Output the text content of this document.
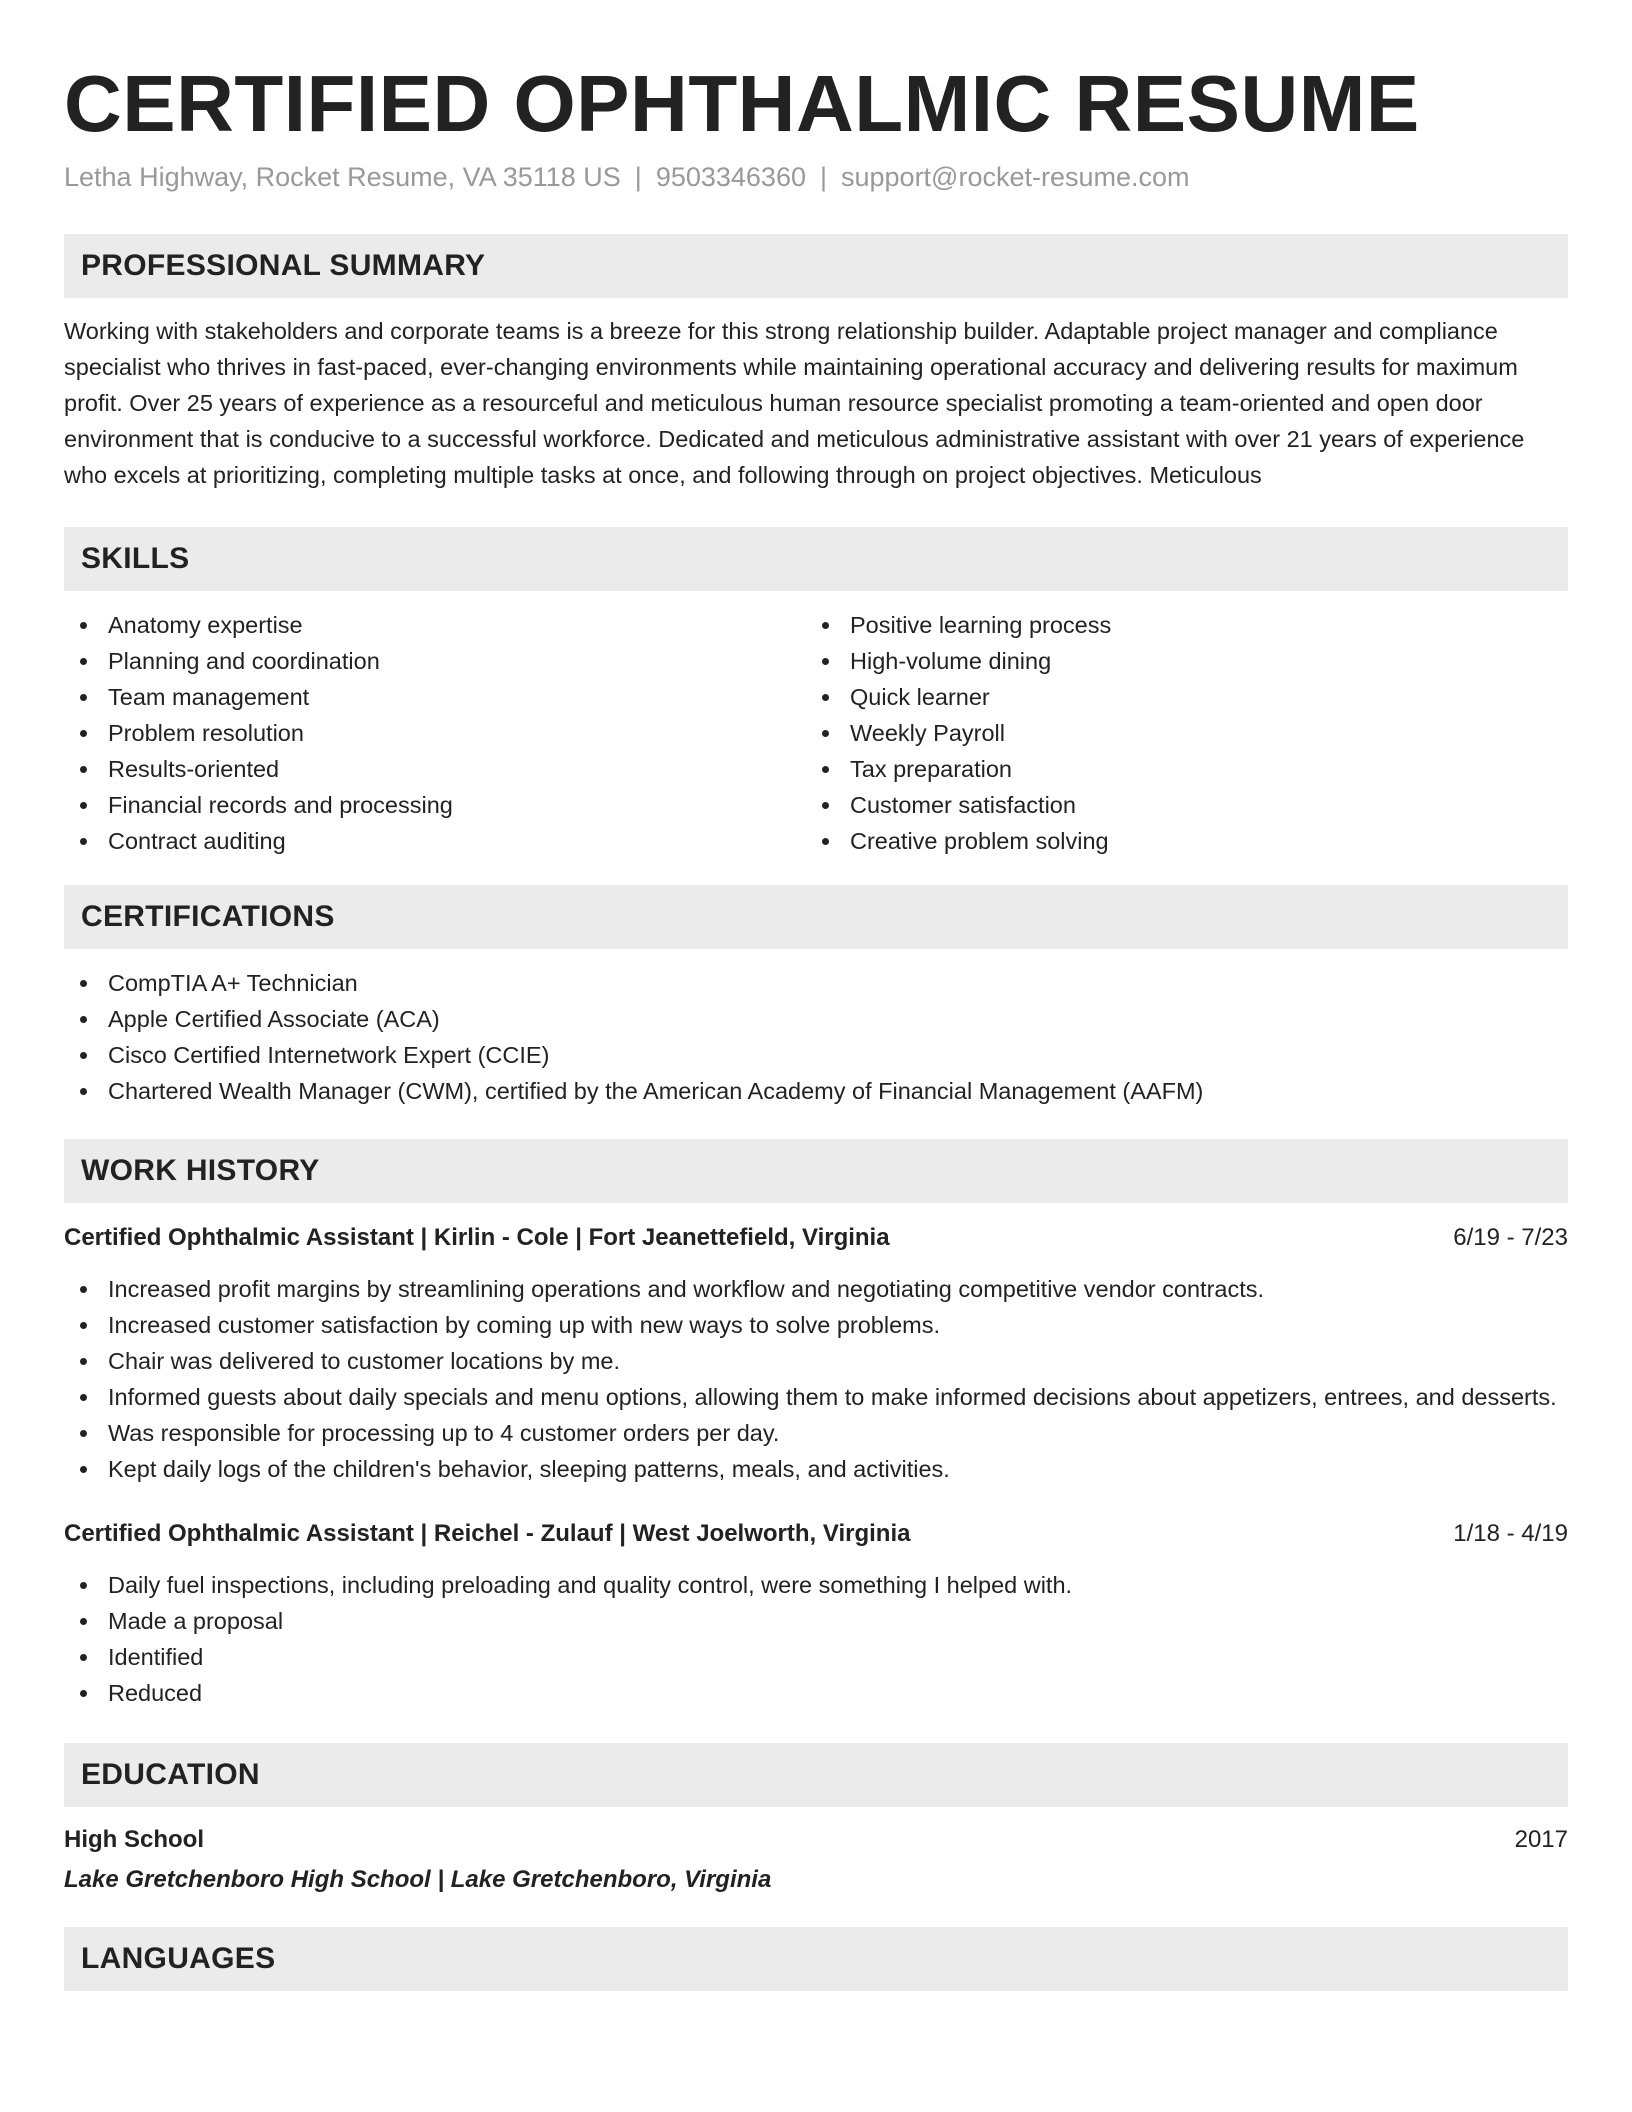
CERTIFIED OPHTHALMIC RESUME
Letha Highway, Rocket Resume, VA 35118 US | 9503346360 | support@rocket-resume.com
PROFESSIONAL SUMMARY
Working with stakeholders and corporate teams is a breeze for this strong relationship builder. Adaptable project manager and compliance specialist who thrives in fast-paced, ever-changing environments while maintaining operational accuracy and delivering results for maximum profit. Over 25 years of experience as a resourceful and meticulous human resource specialist promoting a team-oriented and open door environment that is conducive to a successful workforce. Dedicated and meticulous administrative assistant with over 21 years of experience who excels at prioritizing, completing multiple tasks at once, and following through on project objectives. Meticulous
SKILLS
Anatomy expertise
Planning and coordination
Team management
Problem resolution
Results-oriented
Financial records and processing
Contract auditing
Positive learning process
High-volume dining
Quick learner
Weekly Payroll
Tax preparation
Customer satisfaction
Creative problem solving
CERTIFICATIONS
CompTIA A+ Technician
Apple Certified Associate (ACA)
Cisco Certified Internetwork Expert (CCIE)
Chartered Wealth Manager (CWM), certified by the American Academy of Financial Management (AAFM)
WORK HISTORY
Certified Ophthalmic Assistant | Kirlin - Cole | Fort Jeanettefield, Virginia	6/19 - 7/23
Increased profit margins by streamlining operations and workflow and negotiating competitive vendor contracts.
Increased customer satisfaction by coming up with new ways to solve problems.
Chair was delivered to customer locations by me.
Informed guests about daily specials and menu options, allowing them to make informed decisions about appetizers, entrees, and desserts.
Was responsible for processing up to 4 customer orders per day.
Kept daily logs of the children's behavior, sleeping patterns, meals, and activities.
Certified Ophthalmic Assistant | Reichel - Zulauf | West Joelworth, Virginia	1/18 - 4/19
Daily fuel inspections, including preloading and quality control, were something I helped with.
Made a proposal
Identified
Reduced
EDUCATION
High School	2017
Lake Gretchenboro High School | Lake Gretchenboro, Virginia
LANGUAGES
